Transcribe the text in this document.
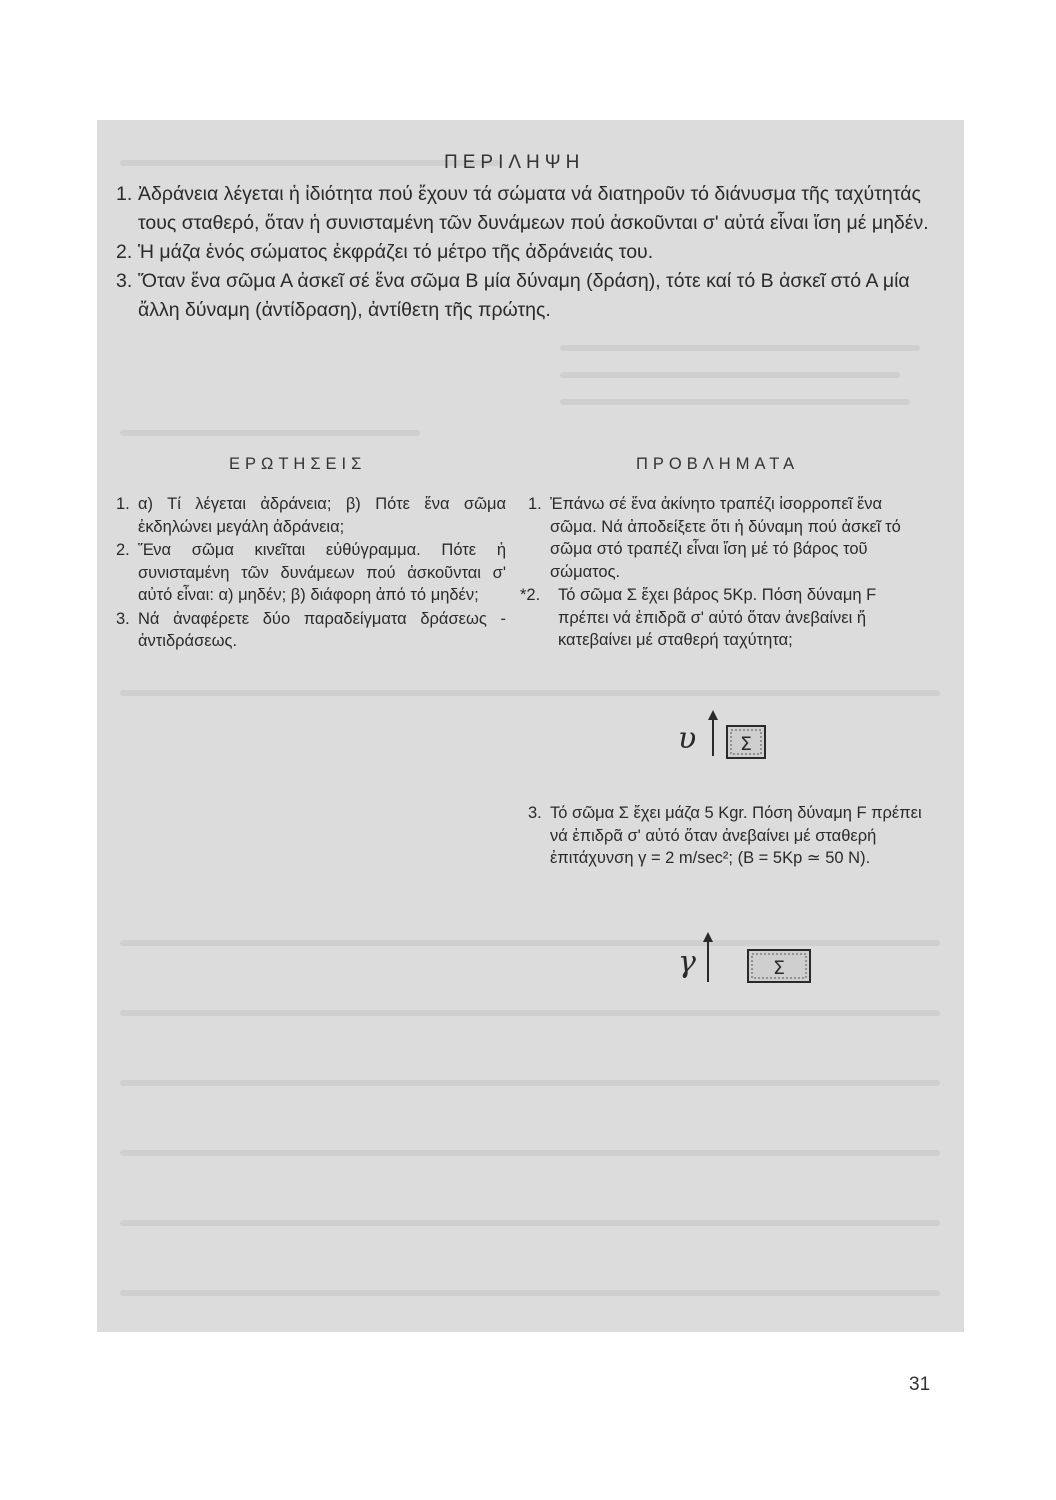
ΠΕΡΙΛΗΨΗ
1. Ἀδράνεια λέγεται ἡ ἰδιότητα πού ἔχουν τά σώματα νά διατηροῦν τό διάνυσμα τῆς ταχύτητάς τους σταθερό, ὅταν ἡ συνισταμένη τῶν δυνάμεων πού ἀσκοῦνται σ' αὐτά εἶναι ἴση μέ μηδέν.
2. Ἡ μάζα ἑνός σώματος ἐκφράζει τό μέτρο τῆς ἀδράνειάς του.
3. Ὅταν ἕνα σῶμα Α ἀσκεῖ σέ ἕνα σῶμα Β μία δύναμη (δράση), τότε καί τό Β ἀσκεῖ στό Α μία ἄλλη δύναμη (ἀντίδραση), ἀντίθετη τῆς πρώτης.
ΕΡΩΤΗΣΕΙΣ
1. α) Τί λέγεται ἀδράνεια; β) Πότε ἕνα σῶμα ἐκδηλώνει μεγάλη ἀδράνεια;
2. Ἕνα σῶμα κινεῖται εὐθύγραμμα. Πότε ἡ συνισταμένη τῶν δυνάμεων πού ἀσκοῦνται σ' αὐτό εἶναι: α) μηδέν; β) διάφορη ἀπό τό μηδέν;
3. Νά ἀναφέρετε δύο παραδείγματα δράσεως - ἀντιδράσεως.
ΠΡΟΒΛΗΜΑΤΑ
1. Ἐπάνω σέ ἕνα ἀκίνητο τραπέζι ἰσορροπεῖ ἕνα σῶμα. Νά ἀποδείξετε ὅτι ἡ δύναμη πού ἀσκεῖ τό σῶμα στό τραπέζι εἶναι ἴση μέ τό βάρος τοῦ σώματος.
*2. Τό σῶμα Σ ἔχει βάρος 5Kp. Πόση δύναμη F πρέπει νά ἐπιδρᾶ σ' αὐτό ὅταν ἀνεβαίνει ἤ κατεβαίνει μέ σταθερή ταχύτητα;
υ Σ
3. Τό σῶμα Σ ἔχει μάζα 5 Kgr. Πόση δύναμη F πρέπει νά ἐπιδρᾶ σ' αὐτό ὅταν ἀνεβαίνει μέ σταθερή ἐπιτάχυνση γ = 2 m/sec²; (Β = 5Kp ≃ 50 N).
γ	Σ
31
